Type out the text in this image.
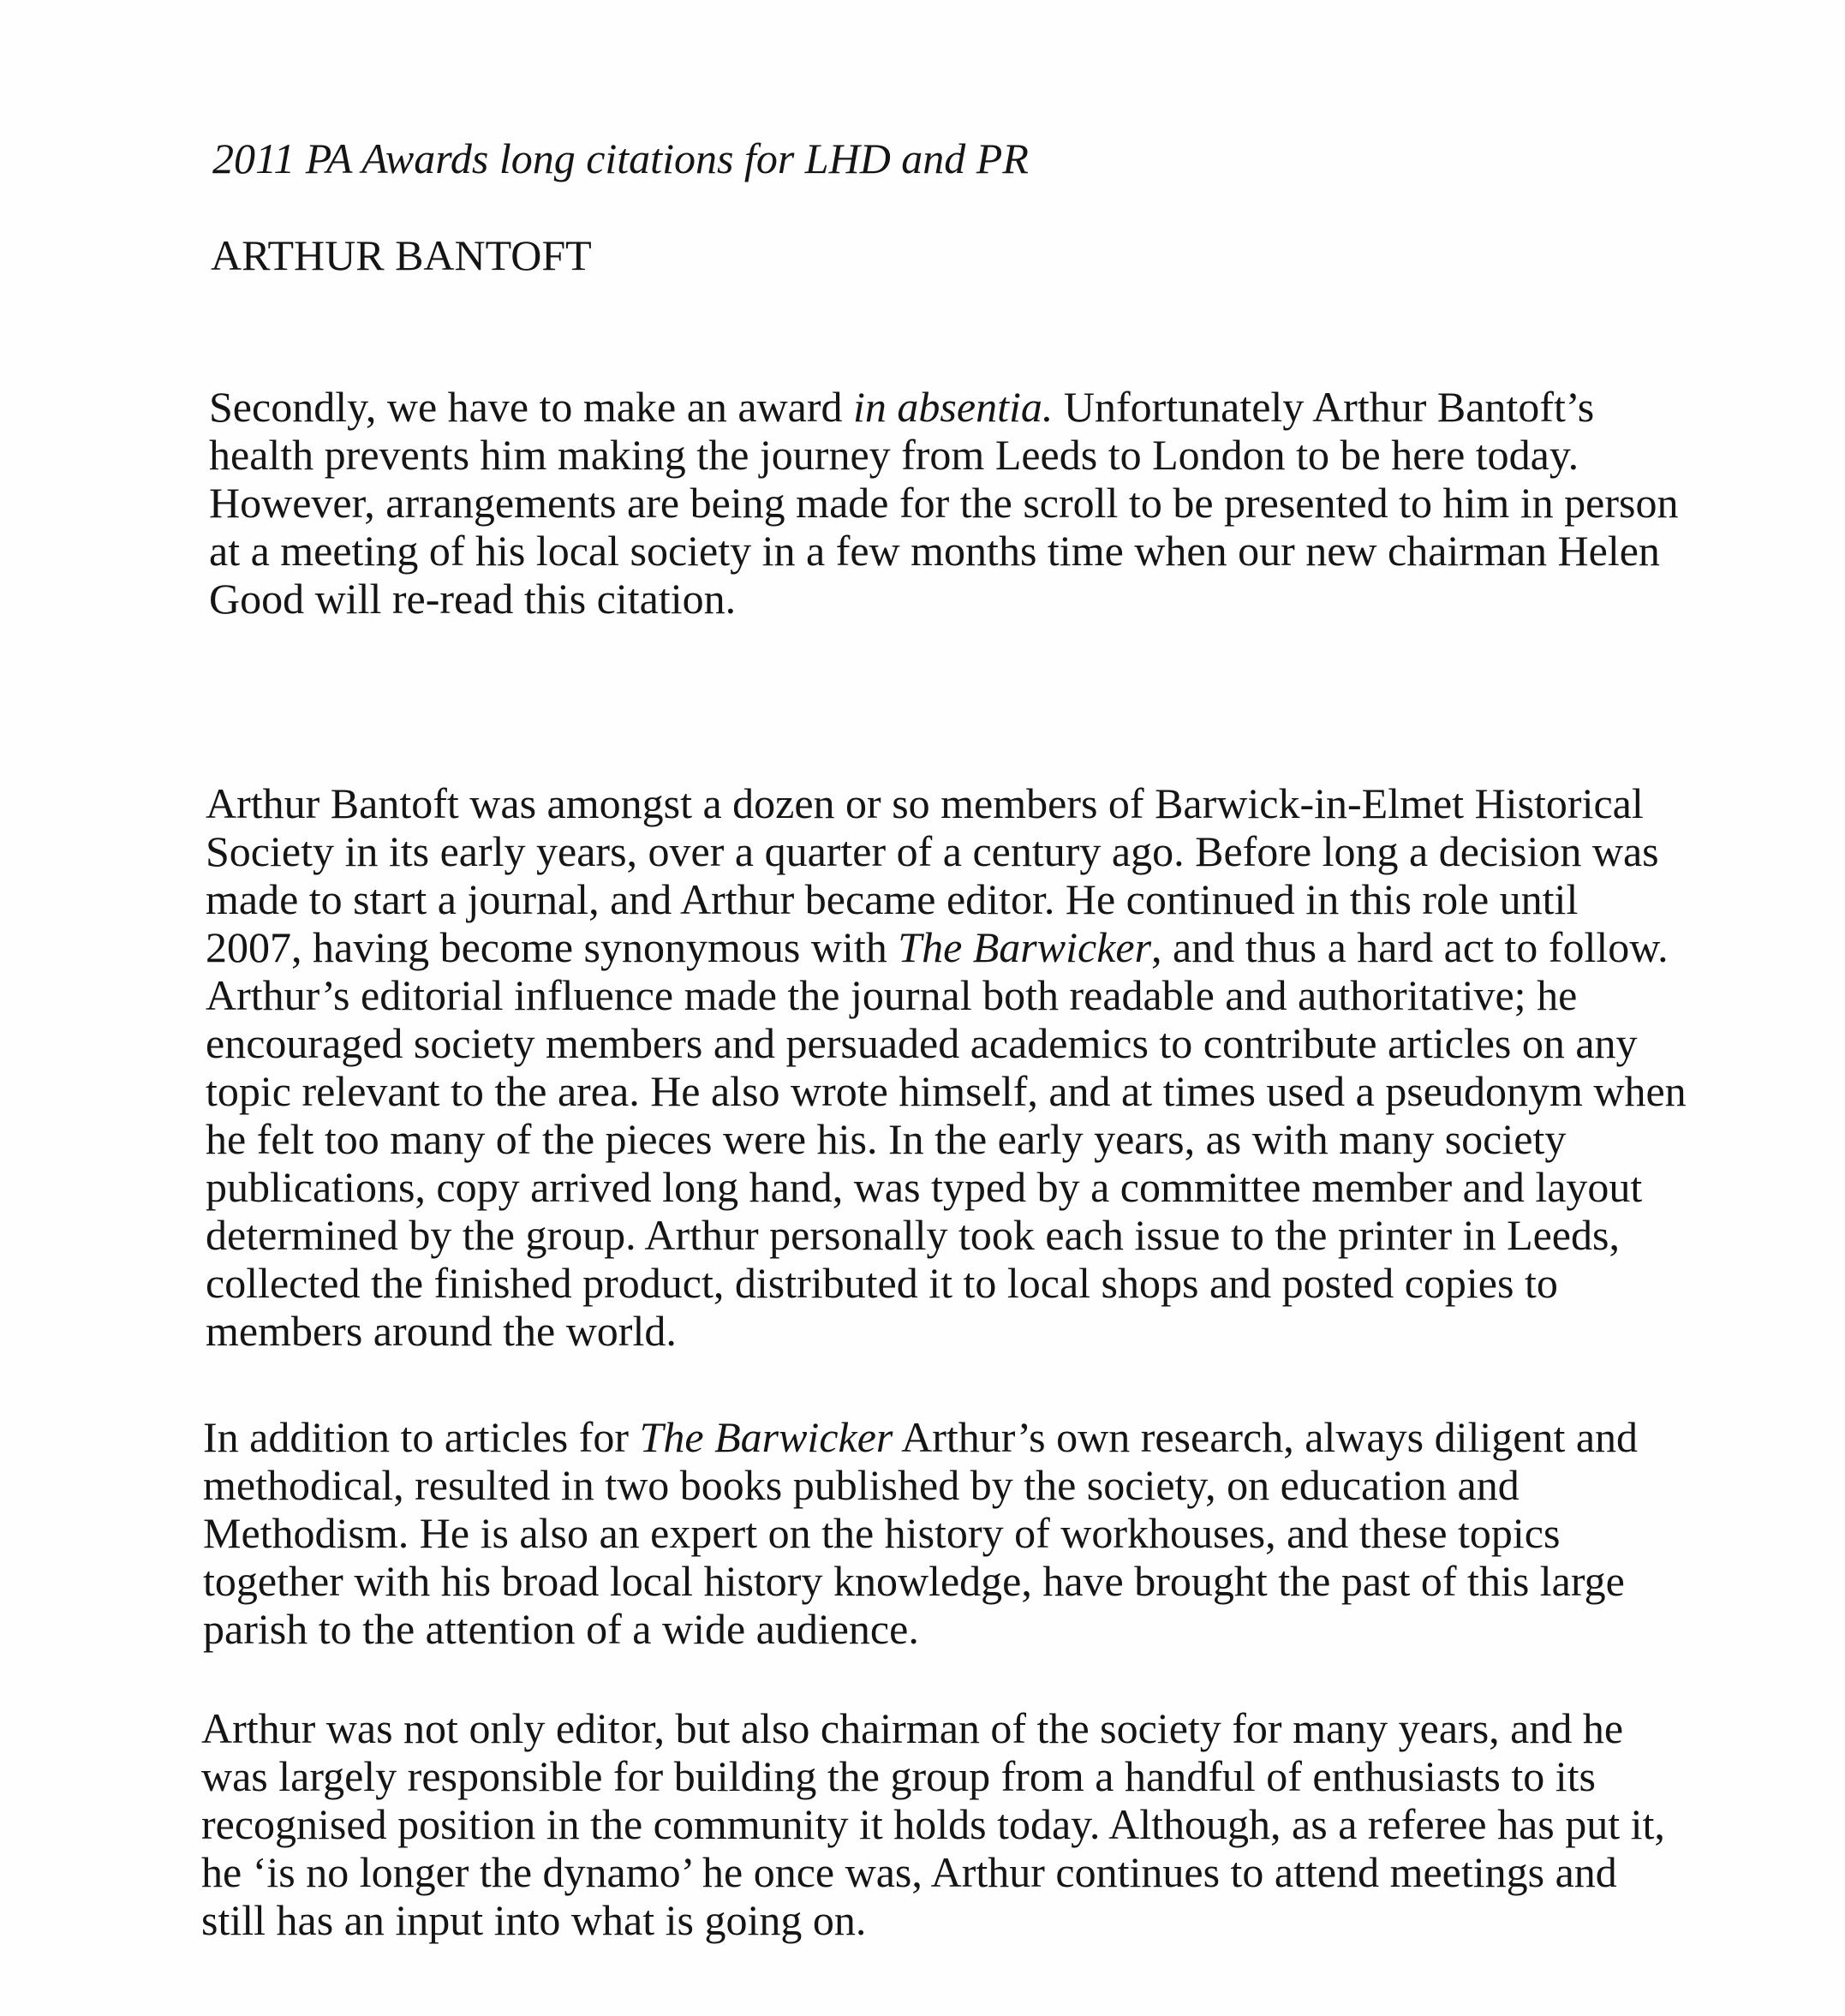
2011 PA Awards long citations for LHD and PR
ARTHUR BANTOFT

Secondly, we have to make an award in absentia. Unfortunately Arthur Bantoft’s
health prevents him making the journey from Leeds to London to be here today.
However, arrangements are being made for the scroll to be presented to him in person
at a meeting of his local society in a few months time when our new chairman Helen
Good will re-read this citation.

Arthur Bantoft was amongst a dozen or so members of Barwick-in-Elmet Historical
Society in its early years, over a quarter of a century ago. Before long a decision was
made to start a journal, and Arthur became editor. He continued in this role until
2007, having become synonymous with The Barwicker, and thus a hard act to follow.
Arthur’s editorial influence made the journal both readable and authoritative; he
encouraged society members and persuaded academics to contribute articles on any
topic relevant to the area. He also wrote himself, and at times used a pseudonym when
he felt too many of the pieces were his. In the early years, as with many society
publications, copy arrived long hand, was typed by a committee member and layout
determined by the group. Arthur personally took each issue to the printer in Leeds,
collected the finished product, distributed it to local shops and posted copies to
members around the world.

In addition to articles for The Barwicker Arthur’s own research, always diligent and
methodical, resulted in two books published by the society, on education and
Methodism. He is also an expert on the history of workhouses, and these topics
together with his broad local history knowledge, have brought the past of this large
parish to the attention of a wide audience.

Arthur was not only editor, but also chairman of the society for many years, and he
was largely responsible for building the group from a handful of enthusiasts to its
recognised position in the community it holds today. Although, as a referee has put it,
he ‘is no longer the dynamo’ he once was, Arthur continues to attend meetings and
still has an input into what is going on.
